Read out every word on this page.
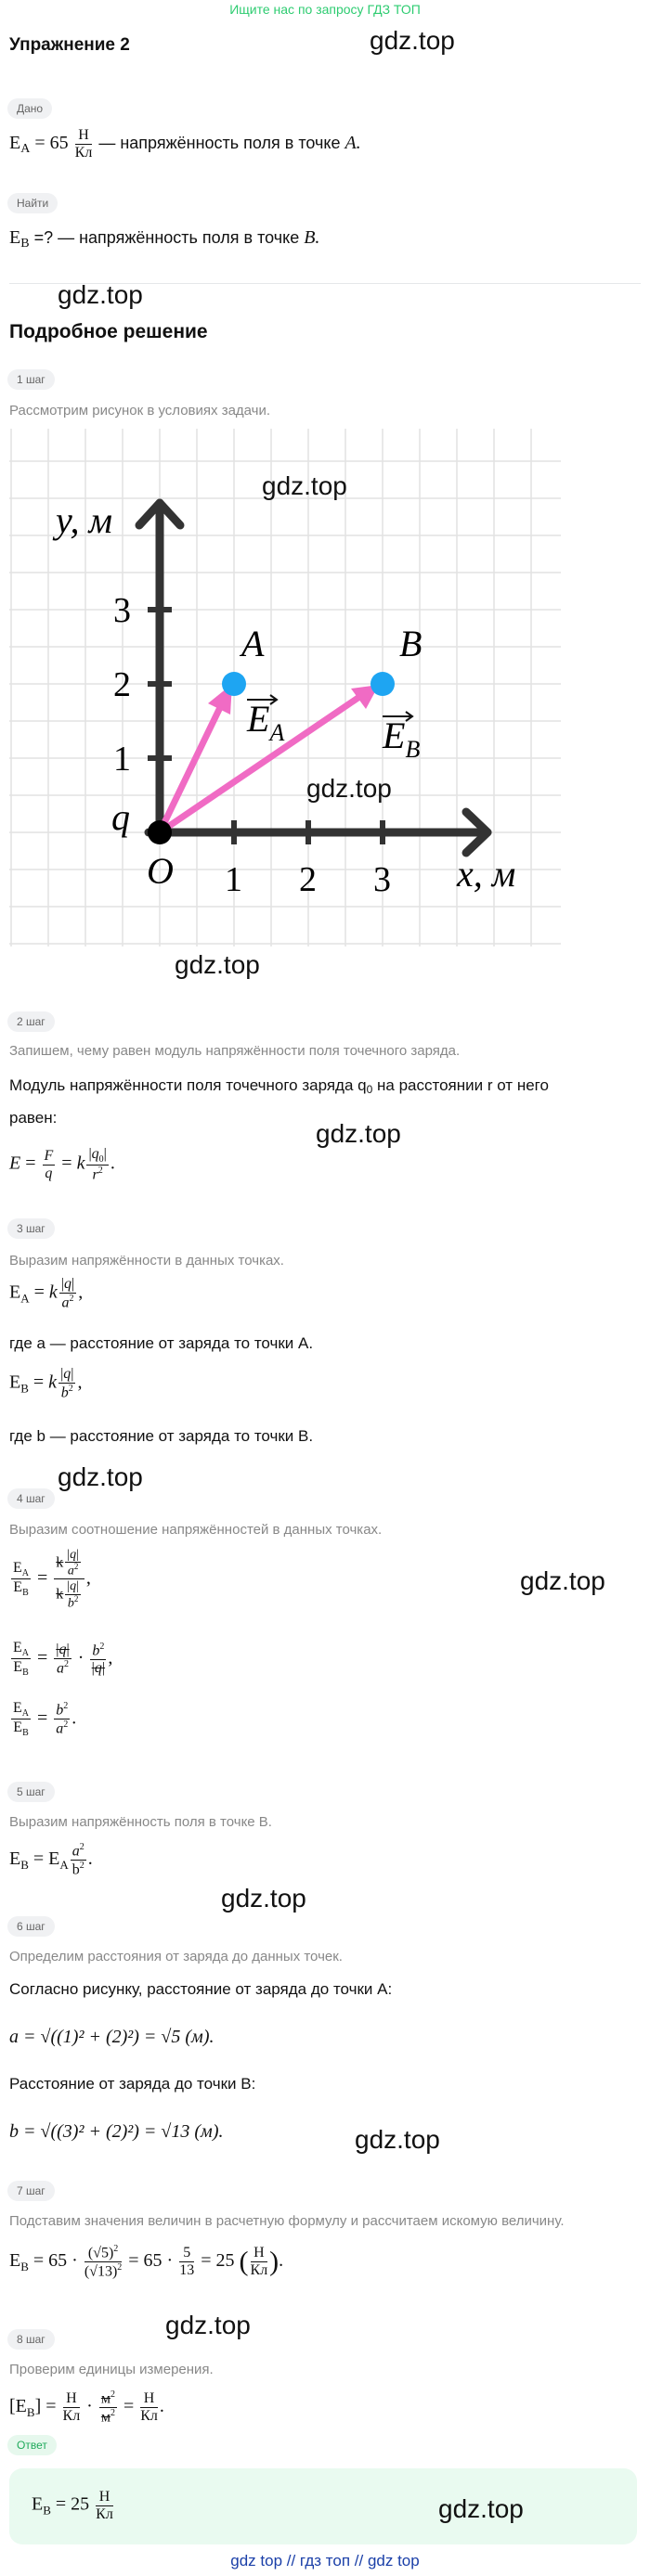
Ищите нас по запросу ГДЗ ТОП
Упражнение 2	gdz.top
Дано
$E_A = 65 \frac{Н}{Кл}$ — напряжённость поля в точке A.
Найти
$E_B$ =? — напряжённость поля в точке B.
gdz.top
Подробное решение
1 шаг
Рассмотрим рисунок в условиях задачи.
y, м
x, м
O
q
1 2 3
1
2
3
A	B
$E_A$	$E_B$
gdz.top
gdz.top
gdz.top
2 шаг
Запишем, чему равен модуль напряжённости поля точечного заряда.
Модуль напряжённости поля точечного заряда q0 на расстоянии r от него
равен:
gdz.top
$E = \frac{F}{q} = k \frac{|q_0|}{r^2}$ .
3 шаг
Выразим напряжённости в данных точках.
$E_A = k \frac{|q|}{a^2}$ ,
где a — расстояние от заряда то точки A.
$E_B = k \frac{|q|}{b^2}$ ,
где b — расстояние от заряда то точки B.
gdz.top
4 шаг
Выразим соотношение напряжённостей в данных точках.
gdz.top
$\frac{E_A}{E_B} = \frac{k \frac{|q|}{a^2}}{k \frac{|q|}{b^2}}$ ,
$\frac{E_A}{E_B} = \frac{|q|}{a^2} \cdot \frac{b^2}{|q|}$ ,
$\frac{E_A}{E_B} = \frac{b^2}{a^2}$ .
5 шаг
Выразим напряжённость поля в точке B.
$E_B = E_A \frac{a^2}{b^2}$ .
gdz.top
6 шаг
Определим расстояния от заряда до данных точек.
Согласно рисунку, расстояние от заряда до точки A:
a = √((1)² + (2)²) = √5 (м).
Расстояние от заряда до точки B:
b = √((3)² + (2)²) = √13 (м).	gdz.top
7 шаг
Подставим значения величин в расчетную формулу и рассчитаем искомую величину.
$E_B = 65 \cdot \frac{(√5)^2}{(√13)^2} = 65 \cdot \frac{5}{13} = 25$ ( $\frac{Н}{Кл}$ ).
gdz.top
8 шаг
Проверим единицы измерения.
$[E_B] = \frac{Н}{Кл} \cdot \frac{м^2}{м^2} = \frac{Н}{Кл}$ .
Ответ
$E_B = 25 \frac{Н}{Кл}$	gdz.top
gdz top // гдз топ // gdz top
